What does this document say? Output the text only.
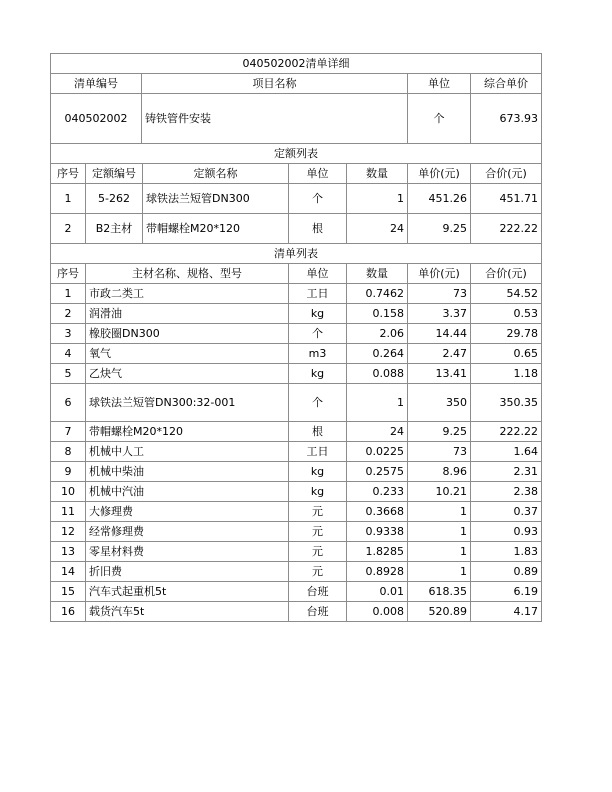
040502002清单详细			
清单编号	项目名称	单位	综合单价
040502002	铸铁管件安装	个	673.93
定额列表						
序号	定额编号	定额名称	单位	数量	单价(元)	合价(元)
1	5-262	球铁法兰短管DN300	个	1	451.26	451.71
2	B2主材	带帽螺栓M20*120	根	24	9.25	222.22
清单列表						
序号	主材名称、规格、型号		单位	数量	单价(元)	合价(元)
1	市政二类工		工日	0.7462	73	54.52
2	润滑油		kg	0.158	3.37	0.53
3	橡胶圈DN300		个	2.06	14.44	29.78
4	氧气		m3	0.264	2.47	0.65
5	乙炔气		kg	0.088	13.41	1.18
6	球铁法兰短管DN300:32-001		个	1	350	350.35
7	带帽螺栓M20*120		根	24	9.25	222.22
8	机械中人工		工日	0.0225	73	1.64
9	机械中柴油		kg	0.2575	8.96	2.31
10	机械中汽油		kg	0.233	10.21	2.38
11	大修理费		元	0.3668	1	0.37
12	经常修理费		元	0.9338	1	0.93
13	零星材料费		元	1.8285	1	1.83
14	折旧费		元	0.8928	1	0.89
15	汽车式起重机5t		台班	0.01	618.35	6.19
16	载货汽车5t		台班	0.008	520.89	4.17
